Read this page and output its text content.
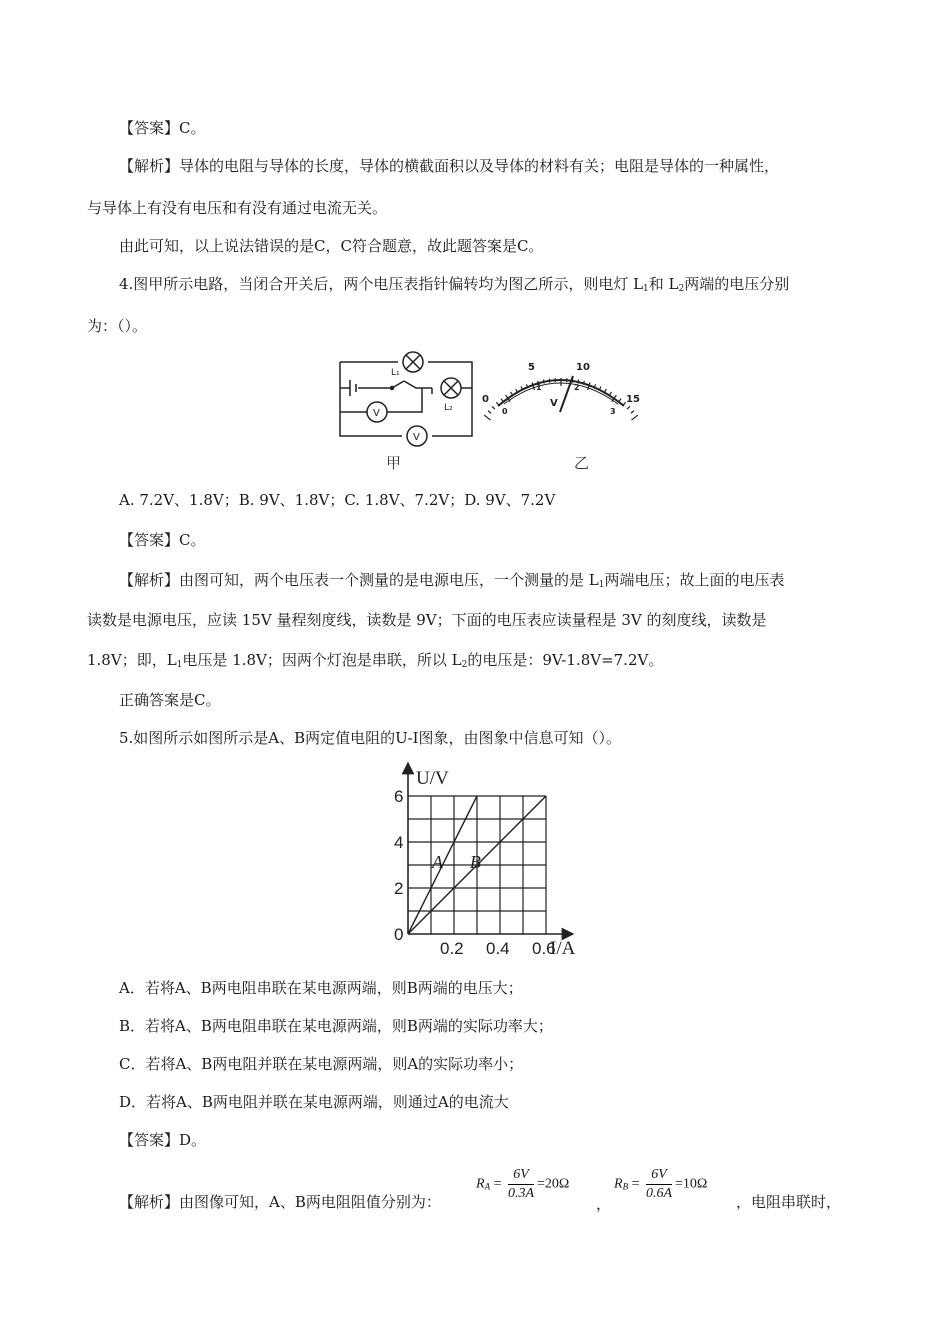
【答案】C。
【解析】导体的电阻与导体的长度，导体的横截面积以及导体的材料有关；电阻是导体的一种属性，
与导体上有没有电压和有没有通过电流无关。
由此可知，以上说法错误的是C，C符合题意，故此题答案是C。
4.图甲所示电路，当闭合开关后，两个电压表指针偏转均为图乙所示，则电灯 $L_1$和 $L_2$两端的电压分别
为：（）。
L₁
L₂
V
V
甲
0
5	10
15
0
1	2
3
V
乙
A. 7.2V、1.8V；B. 9V、1.8V；C. 1.8V、7.2V；D. 9V、7.2V
【答案】C。
【解析】由图可知，两个电压表一个测量的是电源电压，一个测量的是 $L_1$两端电压；故上面的电压表
读数是电源电压，应读 15V 量程刻度线，读数是 9V；下面的电压表应读量程是 3V 的刻度线，读数是
1.8V；即，$L_1$电压是 1.8V；因两个灯泡是串联，所以 $L_2$的电压是：9V-1.8V=7.2V。
正确答案是C。
5.如图所示如图所示是A、B两定值电阻的U-I图象，由图象中信息可知（）。
0
2
4
6
0.2 0.4 0.6
U/V
I/A
A B
A．若将A、B两电阻串联在某电源两端，则B两端的电压大；
B．若将A、B两电阻串联在某电源两端，则B两端的实际功率大；
C．若将A、B两电阻并联在某电源两端，则A的实际功率小；
D．若将A、B两电阻并联在某电源两端，则通过A的电流大
【答案】D。
【解析】由图像可知，A、B两电阻阻值分别为：
$R_A = \frac{6V}{0.3A} =20\Omega$
，
$R_B = \frac{6V}{0.6A} =10\Omega$
，电阻串联时，
